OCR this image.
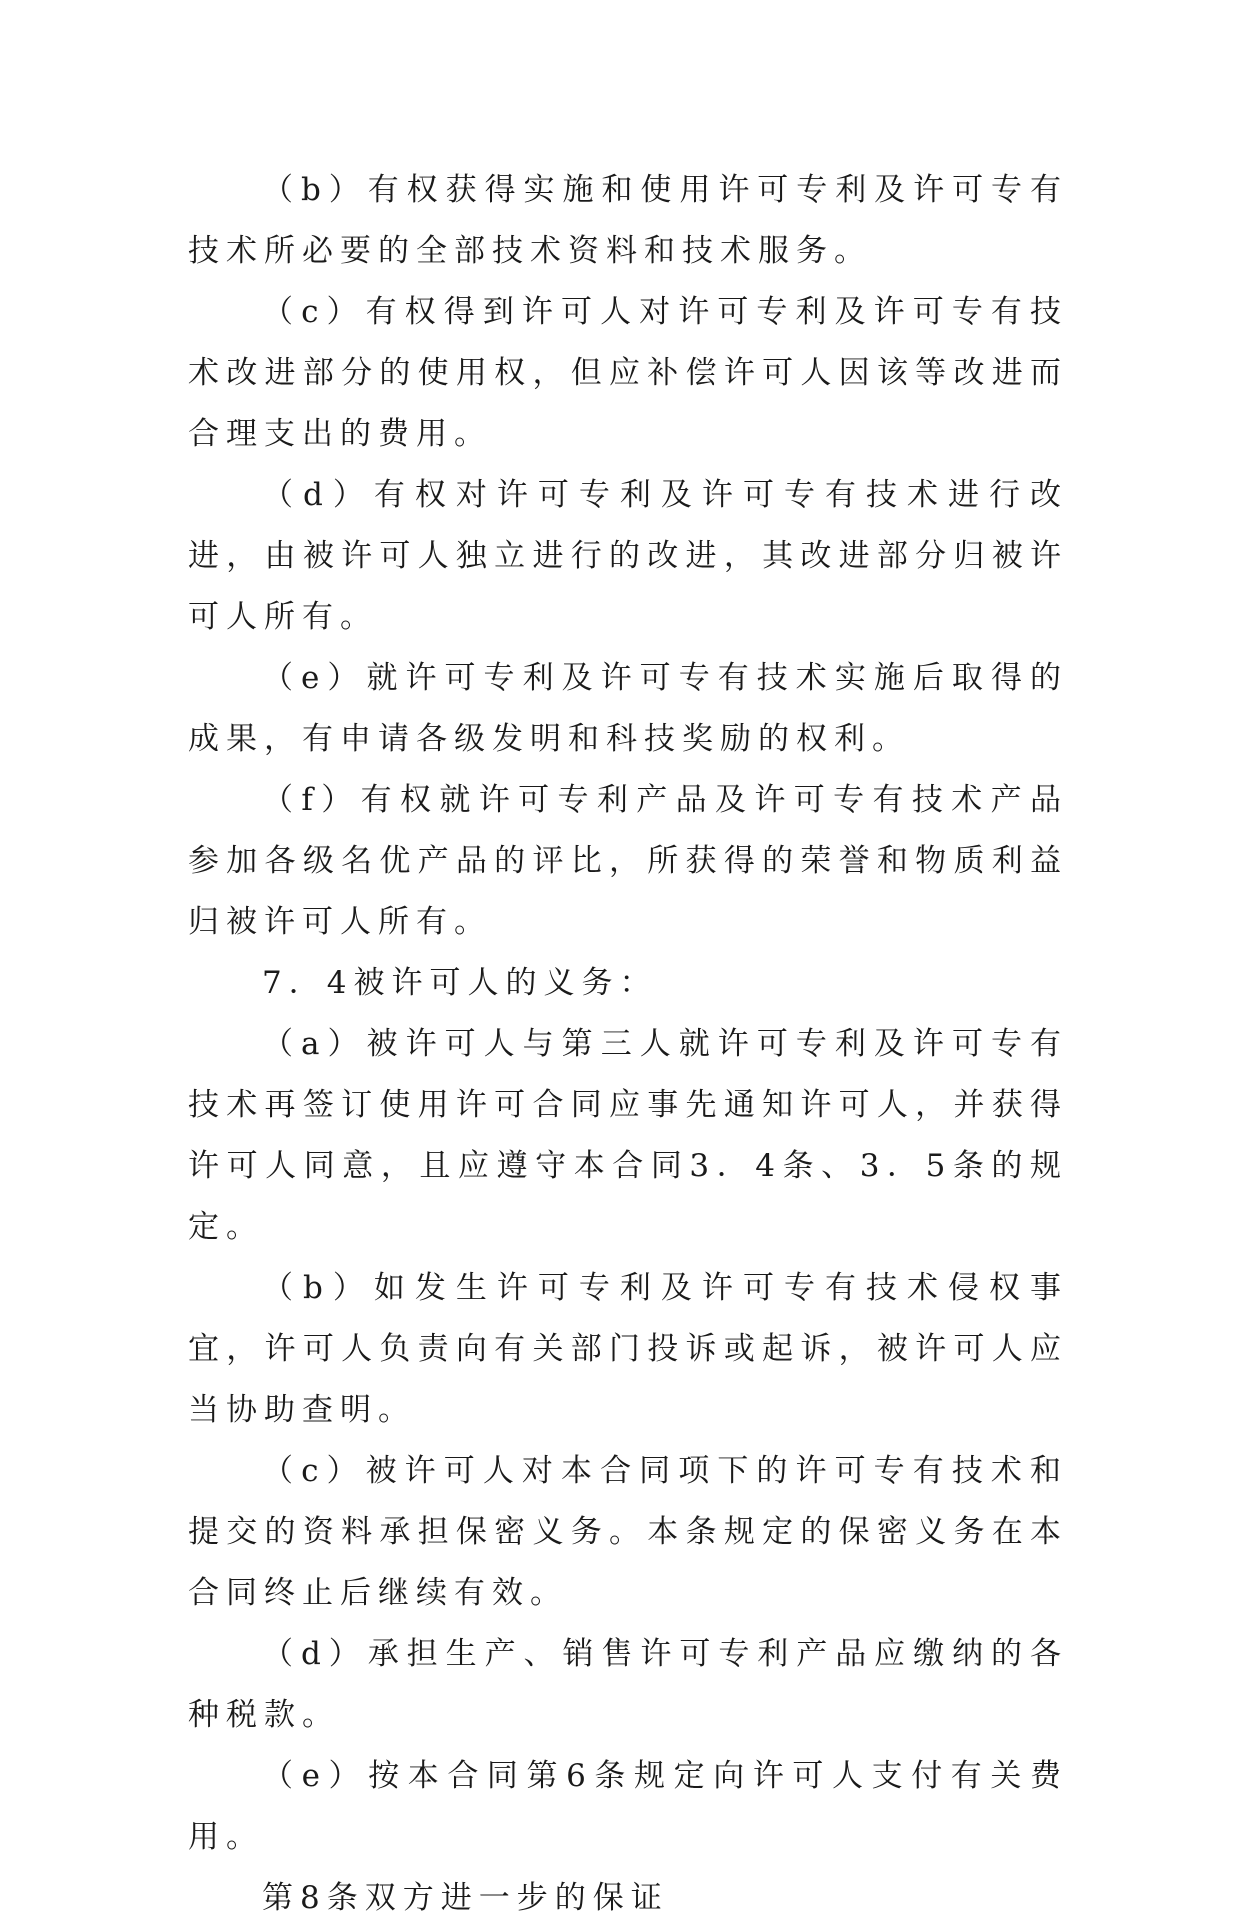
（b）有权获得实施和使用许可专利及许可专有技术所必要的全部技术资料和技术服务。

（c）有权得到许可人对许可专利及许可专有技术改进部分的使用权，但应补偿许可人因该等改进而合理支出的费用。

（d）有权对许可专利及许可专有技术进行改进，由被许可人独立进行的改进，其改进部分归被许可人所有。

（e）就许可专利及许可专有技术实施后取得的成果，有申请各级发明和科技奖励的权利。

（f）有权就许可专利产品及许可专有技术产品参加各级名优产品的评比，所获得的荣誉和物质利益归被许可人所有。

7．4被许可人的义务：

（a）被许可人与第三人就许可专利及许可专有技术再签订使用许可合同应事先通知许可人，并获得许可人同意，且应遵守本合同3．4条、3．5条的规定。

（b）如发生许可专利及许可专有技术侵权事宜，许可人负责向有关部门投诉或起诉，被许可人应当协助查明。

（c）被许可人对本合同项下的许可专有技术和提交的资料承担保密义务。本条规定的保密义务在本合同终止后继续有效。

（d）承担生产、销售许可专利产品应缴纳的各种税款。

（e）按本合同第6条规定向许可人支付有关费用。

第8条双方进一步的保证
